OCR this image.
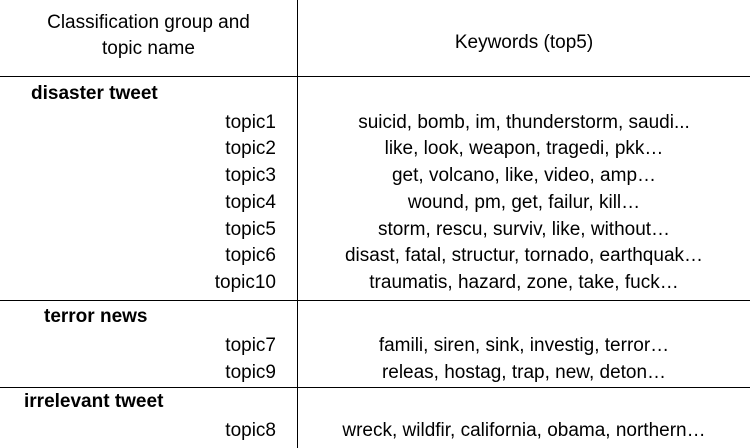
Classification group and
topic name	Keywords (top5)
disaster tweet
topic1	suicid, bomb, im, thunderstorm, saudi...
topic2	like, look, weapon, tragedi, pkk…
topic3	get, volcano, like, video, amp…
topic4	wound, pm, get, failur, kill…
topic5	storm, rescu, surviv, like, without…
topic6	disast, fatal, structur, tornado, earthquak…
topic10	traumatis, hazard, zone, take, fuck…
terror news
topic7	famili, siren, sink, investig, terror…
topic9	releas, hostag, trap, new, deton…
irrelevant tweet
topic8	wreck, wildfir, california, obama, northern…
